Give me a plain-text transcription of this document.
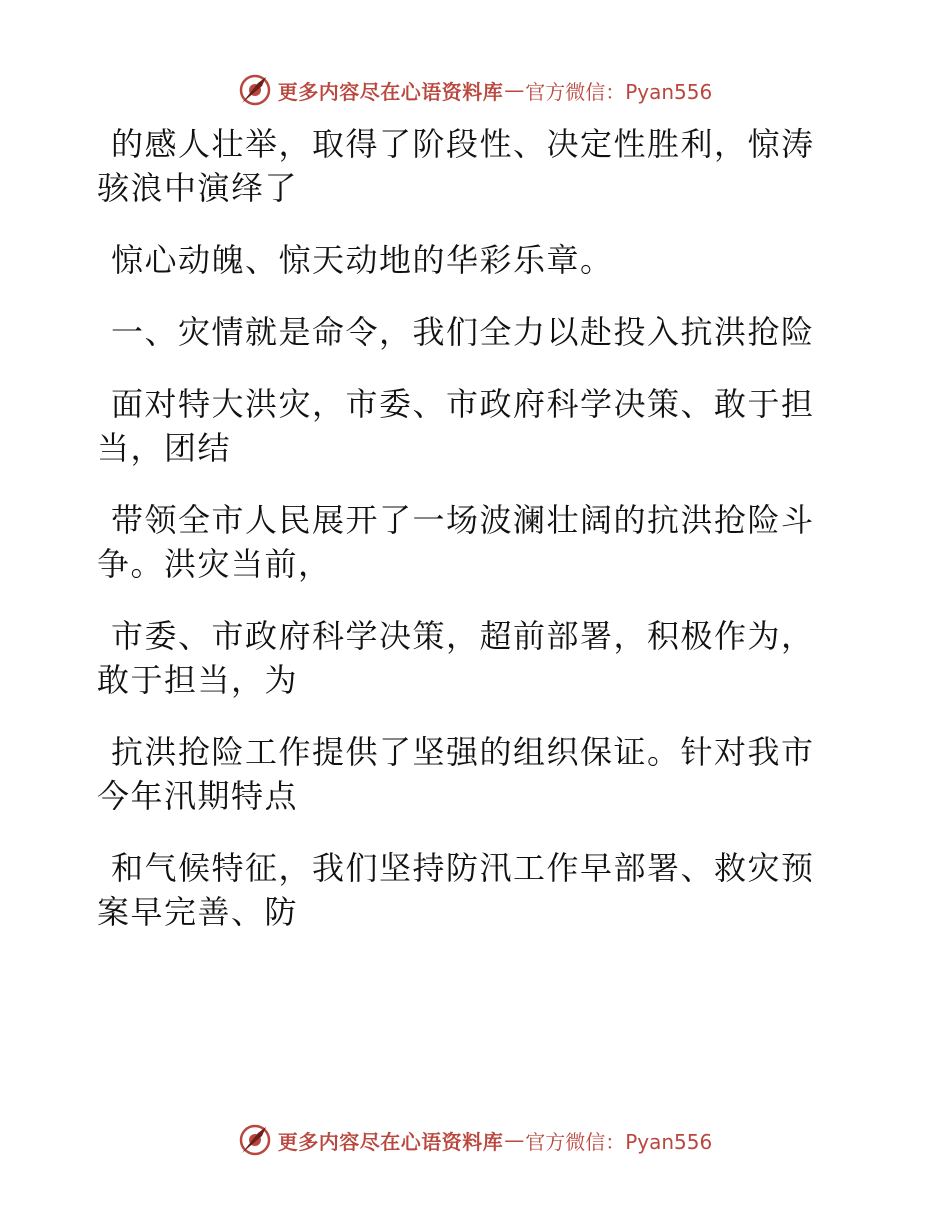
更多内容尽在心语资料库 — 官方微信：Pyan556

的感人壮举，取得了阶段性、决定性胜利，惊涛骇浪中演绎了

惊心动魄、惊天动地的华彩乐章。

一、灾情就是命令，我们全力以赴投入抗洪抢险

面对特大洪灾，市委、市政府科学决策、敢于担当，团结

带领全市人民展开了一场波澜壮阔的抗洪抢险斗争。洪灾当前，

市委、市政府科学决策，超前部署，积极作为，敢于担当，为

抗洪抢险工作提供了坚强的组织保证。针对我市今年汛期特点

和气候特征，我们坚持防汛工作早部署、救灾预案早完善、防

更多内容尽在心语资料库 — 官方微信：Pyan556
